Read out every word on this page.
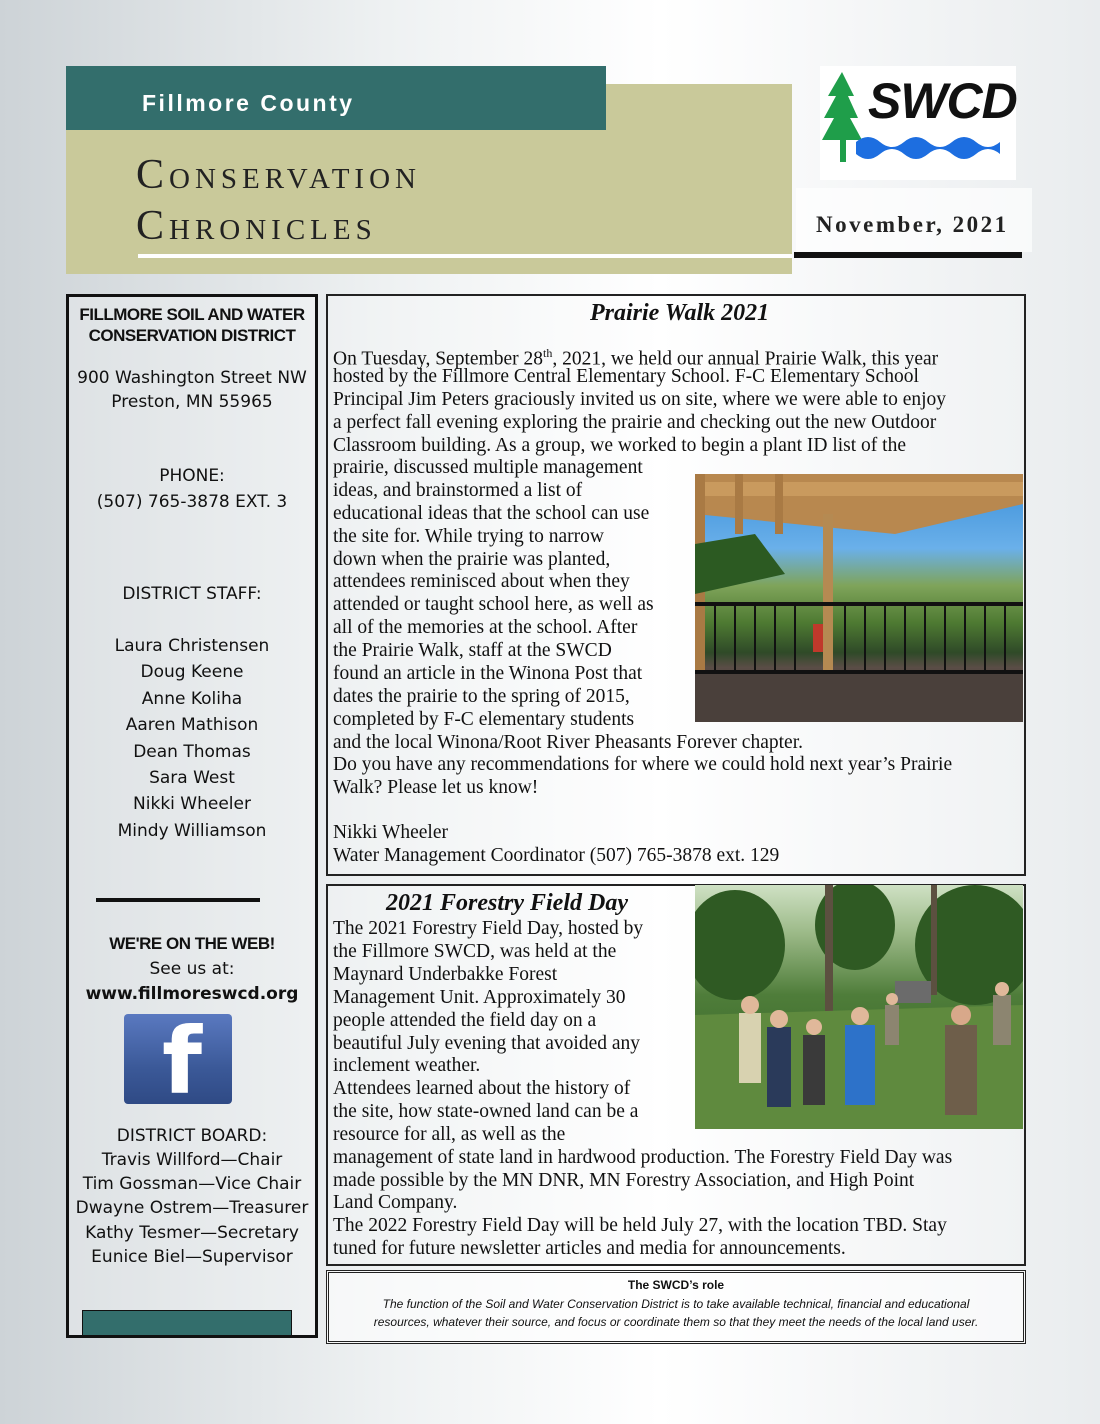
Fillmore County
Conservation
Chronicles
SWCD
November, 2021
FILLMORE SOIL AND WATER
CONSERVATION DISTRICT
900 Washington Street NW
Preston, MN 55965
PHONE:
(507) 765-3878 EXT. 3
DISTRICT STAFF:
Laura Christensen
Doug Keene
Anne Koliha
Aaren Mathison
Dean Thomas
Sara West
Nikki Wheeler
Mindy Williamson
WE'RE ON THE WEB!
See us at:
www.fillmoreswcd.org
f
DISTRICT BOARD:
Travis Willford—Chair
Tim Gossman—Vice Chair
Dwayne Ostrem—Treasurer
Kathy Tesmer—Secretary
Eunice Biel—Supervisor
Prairie Walk 2021
On Tuesday, September 28th, 2021, we held our annual Prairie Walk, this year
hosted by the Fillmore Central Elementary School. F-C Elementary School
Principal Jim Peters graciously invited us on site, where we were able to enjoy
a perfect fall evening exploring the prairie and checking out the new Outdoor
Classroom building. As a group, we worked to begin a plant ID list of the
prairie, discussed multiple management
ideas, and brainstormed a list of
educational ideas that the school can use
the site for. While trying to narrow
down when the prairie was planted,
attendees reminisced about when they
attended or taught school here, as well as
all of the memories at the school. After
the Prairie Walk, staff at the SWCD
found an article in the Winona Post that
dates the prairie to the spring of 2015,
completed by F-C elementary students
and the local Winona/Root River Pheasants Forever chapter.
Do you have any recommendations for where we could hold next year’s Prairie
Walk? Please let us know!
Nikki Wheeler
Water Management Coordinator (507) 765-3878 ext. 129
2021 Forestry Field Day
The 2021 Forestry Field Day, hosted by
the Fillmore SWCD, was held at the
Maynard Underbakke Forest
Management Unit. Approximately 30
people attended the field day on a
beautiful July evening that avoided any
inclement weather.
Attendees learned about the history of
the site, how state-owned land can be a
resource for all, as well as the
management of state land in hardwood production. The Forestry Field Day was
made possible by the MN DNR, MN Forestry Association, and High Point
Land Company.
The 2022 Forestry Field Day will be held July 27, with the location TBD. Stay
tuned for future newsletter articles and media for announcements.
The SWCD’s role
The function of the Soil and Water Conservation District is to take available technical, financial and educational
resources, whatever their source, and focus or coordinate them so that they meet the needs of the local land user.
